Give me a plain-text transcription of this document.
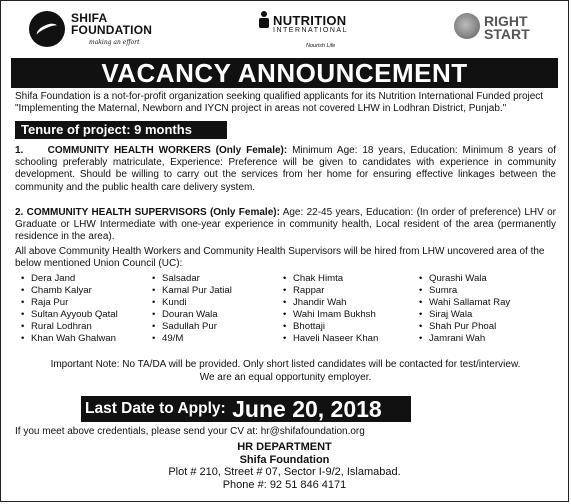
SHIFA
FOUNDATION
making an effort
NUTRITION
INTERNATIONAL
Nourish Life
RIGHT
START
VACANCY ANNOUNCEMENT
Shifa Foundation is a not-for-profit organization seeking qualified applicants for its Nutrition International Funded project
"Implementing the Maternal, Newborn and IYCN project in areas not covered LHW in Lodhran District, Punjab."
Tenure of project: 9 months
1. COMMUNITY HEALTH WORKERS (Only Female): Minimum Age: 18 years, Education: Minimum 8 years of schooling preferably matriculate, Experience: Preference will be given to candidates with experience in community development. Should be willing to carry out the services from her home for ensuring effective linkages between the community and the public health care delivery system.
2. COMMUNITY HEALTH SUPERVISORS (Only Female): Age: 22-45 years, Education: (In order of preference) LHV or Graduate or LHW Intermediate with one-year experience in community health, Local resident of the area (permanently residence in the area).
All above Community Health Workers and Community Health Supervisors will be hired from LHW uncovered area of the below mentioned Union Council (UC):
• Dera Jand
• Chamb Kalyar
• Raja Pur
• Sultan Ayyoub Qatal
• Rural Lodhran
• Khan Wah Ghalwan
• Salsadar
• Kamal Pur Jatial
• Kundi
• Douran Wala
• Sadullah Pur
• 49/M
• Chak Himta
• Rappar
• Jhandir Wah
• Wahi Imam Bukhsh
• Bhottaji
• Haveli Naseer Khan
• Qurashi Wala
• Sumra
• Wahi Sallamat Ray
• Siraj Wala
• Shah Pur Phoal
• Jamrani Wah
Important Note: No TA/DA will be provided. Only short listed candidates will be contacted for test/interview.
We are an equal opportunity employer.
Last Date to Apply: June 20, 2018
If you meet above credentials, please send your CV at: hr@shifafoundation.org
HR DEPARTMENT
Shifa Foundation
Plot # 210, Street # 07, Sector I-9/2, Islamabad.
Phone #: 92 51 846 4171
